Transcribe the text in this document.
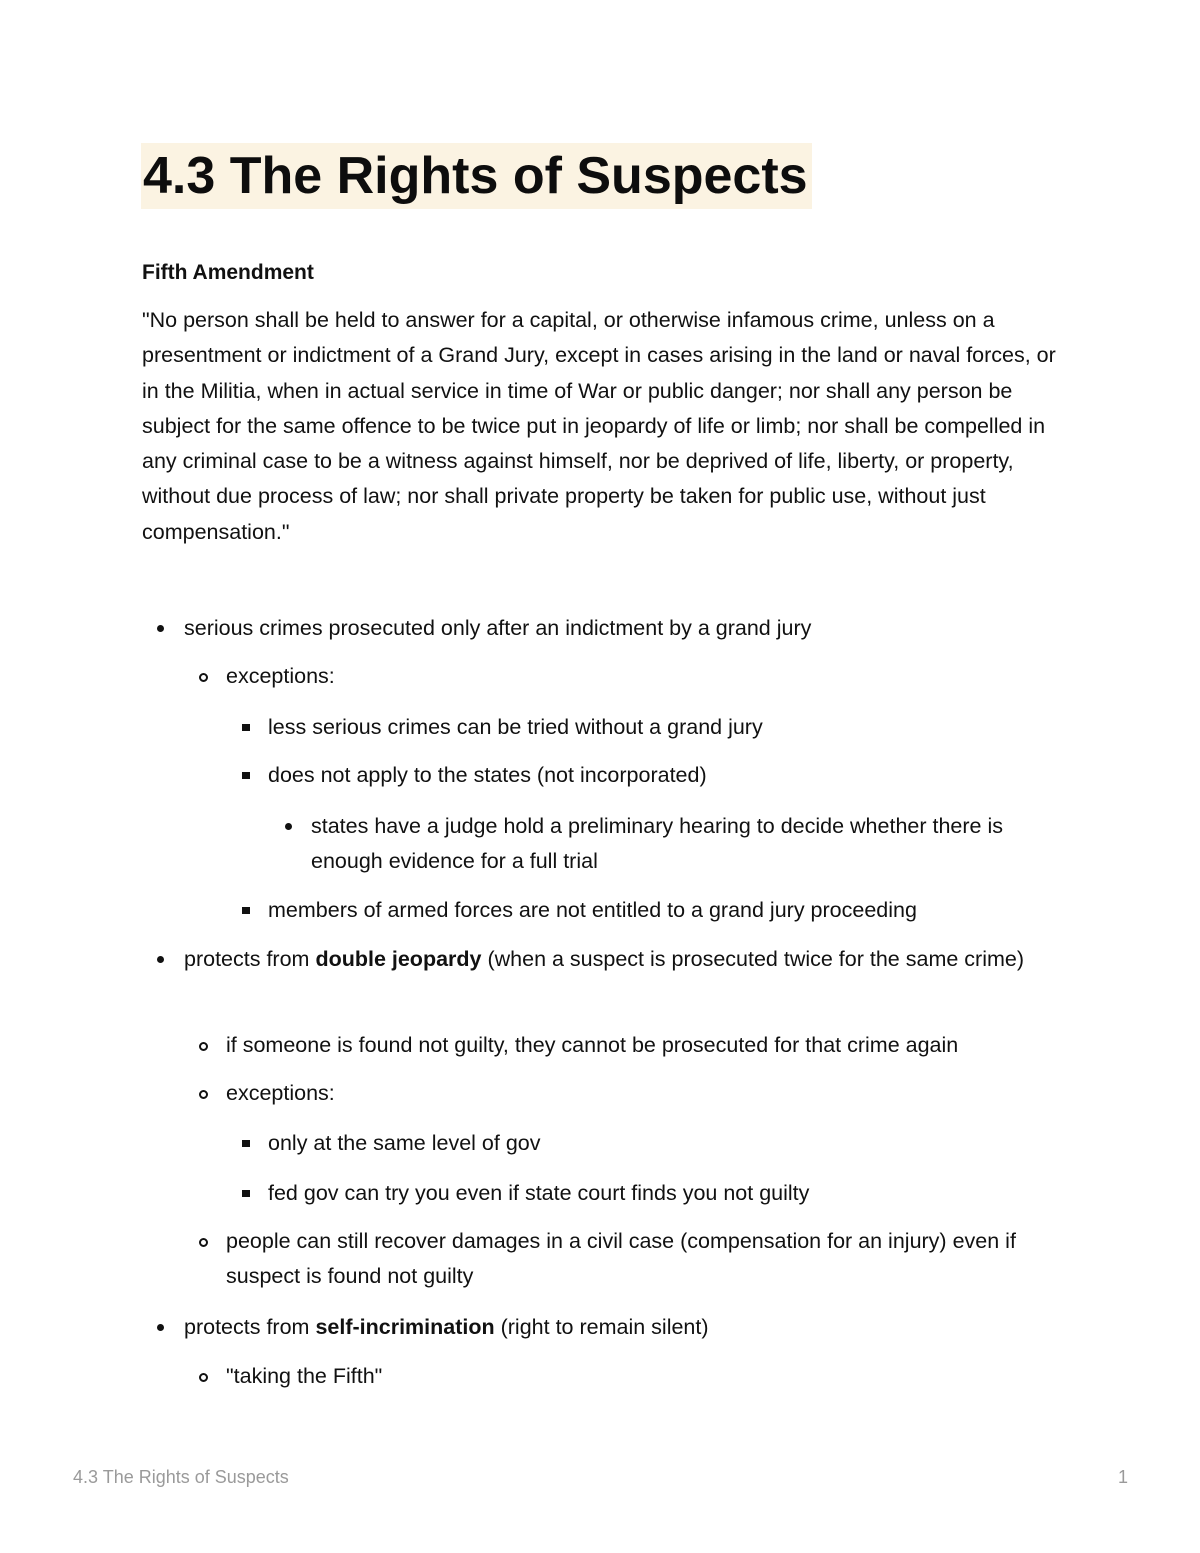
4.3 The Rights of Suspects
Fifth Amendment

"No person shall be held to answer for a capital, or otherwise infamous crime, unless on a presentment or indictment of a Grand Jury, except in cases arising in the land or naval forces, or in the Militia, when in actual service in time of War or public danger; nor shall any person be subject for the same offence to be twice put in jeopardy of life or limb; nor shall be compelled in any criminal case to be a witness against himself, nor be deprived of life, liberty, or property, without due process of law; nor shall private property be taken for public use, without just compensation."

serious crimes prosecuted only after an indictment by a grand jury
exceptions:
less serious crimes can be tried without a grand jury
does not apply to the states (not incorporated)
states have a judge hold a preliminary hearing to decide whether there is enough evidence for a full trial
members of armed forces are not entitled to a grand jury proceeding
protects from double jeopardy (when a suspect is prosecuted twice for the same crime)
if someone is found not guilty, they cannot be prosecuted for that crime again
exceptions:
only at the same level of gov
fed gov can try you even if state court finds you not guilty
people can still recover damages in a civil case (compensation for an injury) even if suspect is found not guilty
protects from self-incrimination (right to remain silent)
"taking the Fifth"
4.3 The Rights of Suspects	1
